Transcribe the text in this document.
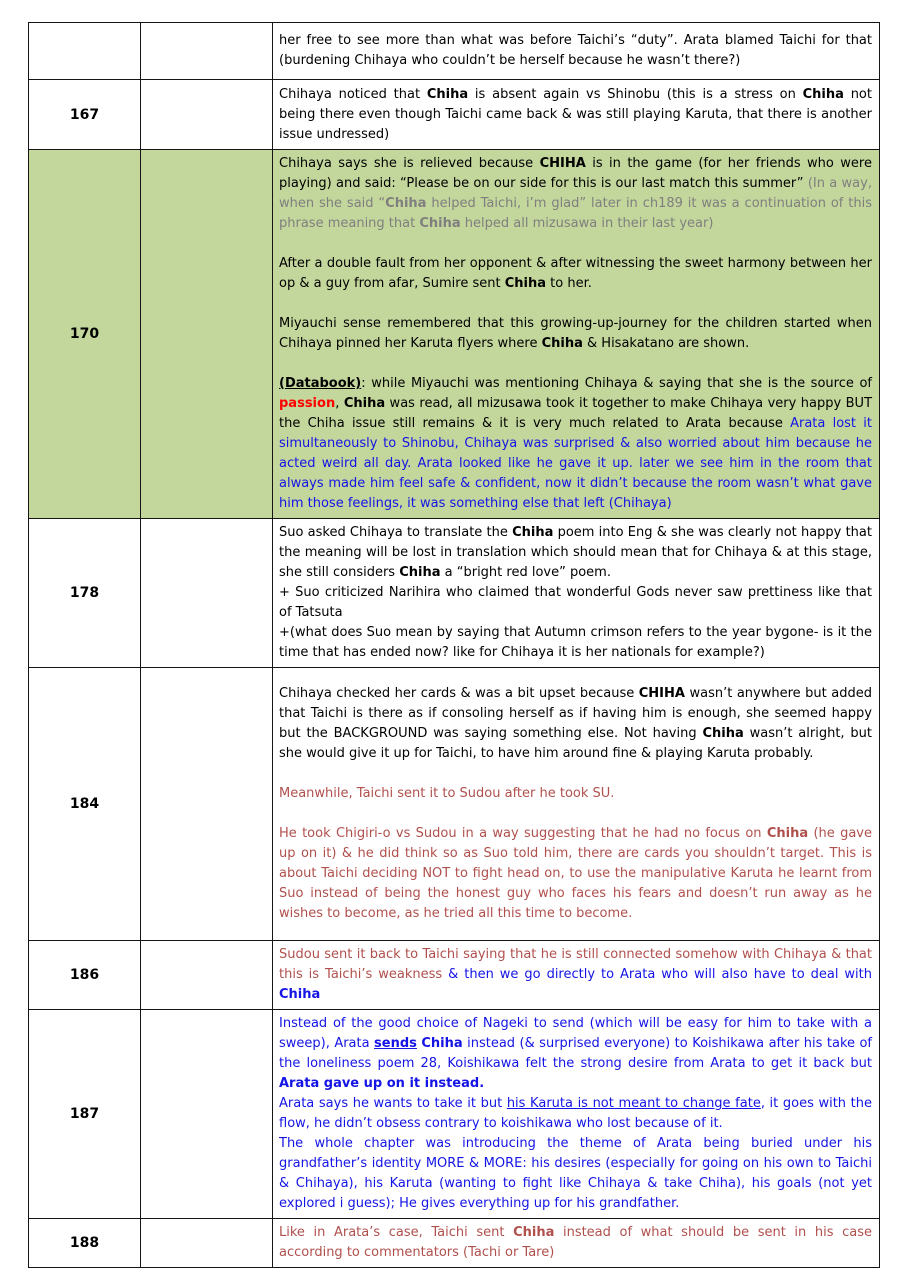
		her free to see more than what was before Taichi’s “duty”. Arata blamed Taichi for that (burdening Chihaya who couldn’t be herself because he wasn’t there?)

167		Chihaya noticed that Chiha is absent again vs Shinobu (this is a stress on Chiha not being there even though Taichi came back & was still playing Karuta, that there is another issue undressed)

170		Chihaya says she is relieved because CHIHA is in the game (for her friends who were playing) and said: “Please be on our side for this is our last match this summer” (In a way, when she said “Chiha helped Taichi, i’m glad” later in ch189 it was a continuation of this phrase meaning that Chiha helped all mizusawa in their last year)
After a double fault from her opponent & after witnessing the sweet harmony between her op & a guy from afar, Sumire sent Chiha to her.
Miyauchi sense remembered that this growing-up-journey for the children started when Chihaya pinned her Karuta flyers where Chiha & Hisakatano are shown.
(Databook): while Miyauchi was mentioning Chihaya & saying that she is the source of passion, Chiha was read, all mizusawa took it together to make Chihaya very happy BUT the Chiha issue still remains & it is very much related to Arata because Arata lost it simultaneously to Shinobu, Chihaya was surprised & also worried about him because he acted weird all day. Arata looked like he gave it up. later we see him in the room that always made him feel safe & confident, now it didn’t because the room wasn’t what gave him those feelings, it was something else that left (Chihaya)

178		Suo asked Chihaya to translate the Chiha poem into Eng & she was clearly not happy that the meaning will be lost in translation which should mean that for Chihaya & at this stage, she still considers Chiha a “bright red love” poem.
+ Suo criticized Narihira who claimed that wonderful Gods never saw prettiness like that of Tatsuta
+(what does Suo mean by saying that Autumn crimson refers to the year bygone- is it the time that has ended now? like for Chihaya it is her nationals for example?)

184		Chihaya checked her cards & was a bit upset because CHIHA wasn’t anywhere but added that Taichi is there as if consoling herself as if having him is enough, she seemed happy but the BACKGROUND was saying something else. Not having Chiha wasn’t alright, but she would give it up for Taichi, to have him around fine & playing Karuta probably.
Meanwhile, Taichi sent it to Sudou after he took SU.
He took Chigiri-o vs Sudou in a way suggesting that he had no focus on Chiha (he gave up on it) & he did think so as Suo told him, there are cards you shouldn’t target. This is about Taichi deciding NOT to fight head on, to use the manipulative Karuta he learnt from Suo instead of being the honest guy who faces his fears and doesn’t run away as he wishes to become, as he tried all this time to become.

186		Sudou sent it back to Taichi saying that he is still connected somehow with Chihaya & that this is Taichi’s weakness & then we go directly to Arata who will also have to deal with Chiha

187		Instead of the good choice of Nageki to send (which will be easy for him to take with a sweep), Arata sends Chiha instead (& surprised everyone) to Koishikawa after his take of the loneliness poem 28, Koishikawa felt the strong desire from Arata to get it back but Arata gave up on it instead.
Arata says he wants to take it but his Karuta is not meant to change fate, it goes with the flow, he didn’t obsess contrary to koishikawa who lost because of it.
The whole chapter was introducing the theme of Arata being buried under his grandfather’s identity MORE & MORE: his desires (especially for going on his own to Taichi & Chihaya), his Karuta (wanting to fight like Chihaya & take Chiha), his goals (not yet explored i guess); He gives everything up for his grandfather.

188		Like in Arata’s case, Taichi sent Chiha instead of what should be sent in his case according to commentators (Tachi or Tare)
